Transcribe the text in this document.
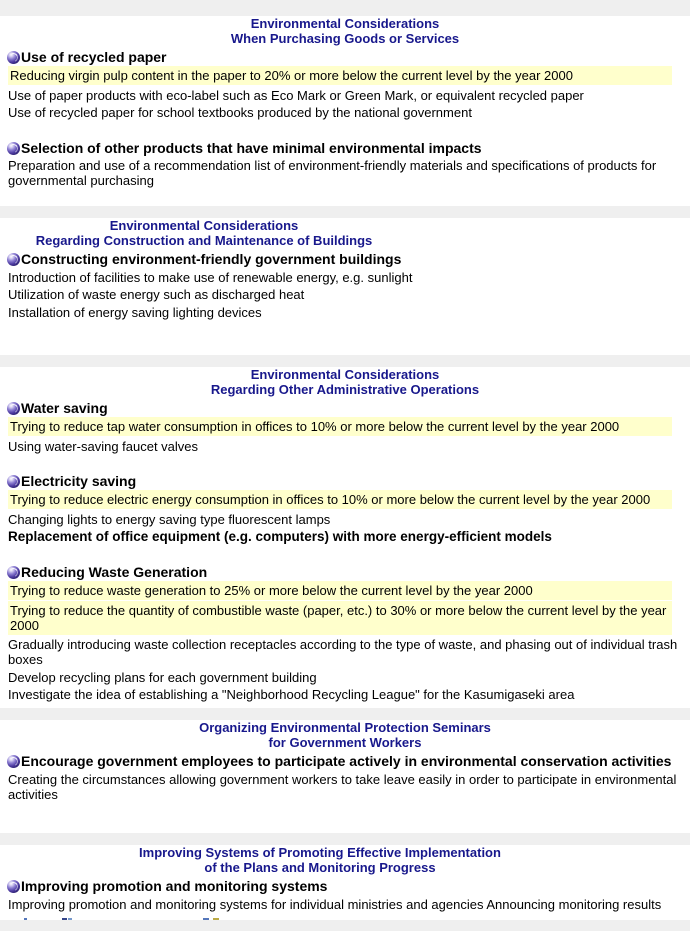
Environmental Considerations
When Purchasing Goods or Services
Use of recycled paper
Reducing virgin pulp content in the paper to 20% or more below the current level by the year 2000
Use of paper products with eco-label such as Eco Mark or Green Mark, or equivalent recycled paper
Use of recycled paper for school textbooks produced by the national government
Selection of other products that have minimal environmental impacts
Preparation and use of a recommendation list of environment-friendly materials and specifications of products for governmental purchasing
Environmental Considerations
Regarding Construction and Maintenance of Buildings
Constructing environment-friendly government buildings
Introduction of facilities to make use of renewable energy, e.g. sunlight
Utilization of waste energy such as discharged heat
Installation of energy saving lighting devices
Environmental Considerations
Regarding Other Administrative Operations
Water saving
Trying to reduce tap water consumption in offices to 10% or more below the current level by the year 2000
Using water-saving faucet valves
Electricity saving
Trying to reduce electric energy consumption in offices to 10% or more below the current level by the year 2000
Changing lights to energy saving type fluorescent lamps
Replacement of office equipment (e.g. computers) with more energy-efficient models
Reducing Waste Generation
Trying to reduce waste generation to 25% or more below the current level by the year 2000
Trying to reduce the quantity of combustible waste (paper, etc.) to 30% or more below the current level by the year 2000
Gradually introducing waste collection receptacles according to the type of waste, and phasing out of individual trash boxes
Develop recycling plans for each government building
Investigate the idea of establishing a "Neighborhood Recycling League" for the Kasumigaseki area
Organizing Environmental Protection Seminars
for Government Workers
Encourage government employees to participate actively in environmental conservation activities
Creating the circumstances allowing government workers to take leave easily in order to participate in environmental activities
Improving Systems of Promoting Effective Implementation
of the Plans and Monitoring Progress
Improving promotion and monitoring systems
Improving promotion and monitoring systems for individual ministries and agencies Announcing monitoring results
